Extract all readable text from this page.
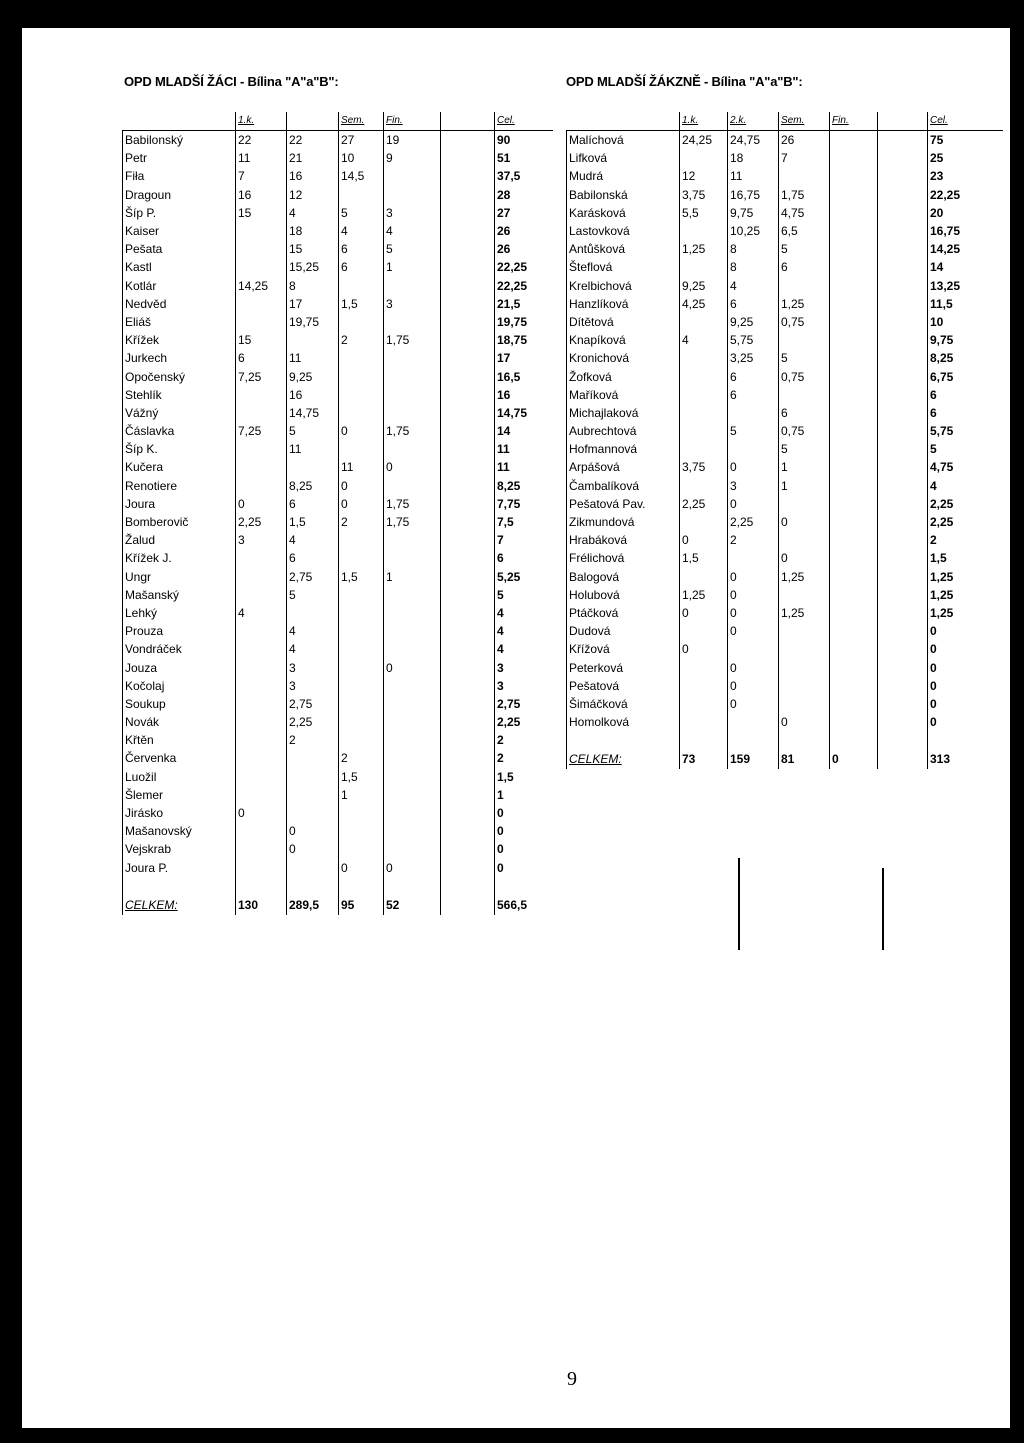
OPD MLADŠÍ ŽÁCI - Bílina "A"a"B":	OPD MLADŠÍ ŽÁKZNĚ - Bílina "A"a"B":
	1.k.		Sem.	Fin.		Cel.
Babilonský	22	22	27	19		90
Petr	11	21	10	9		51
Fiła	7	16	14,5			37,5
Dragoun	16	12				28
Šíp P.	15	4	5	3		27
Kaiser		18	4	4		26
Pešata		15	6	5		26
Kastl		15,25	6	1		22,25
Kotlár	14,25	8				22,25
Nedvěd		17	1,5	3		21,5
Eliáš		19,75				19,75
Křížek	15		2	1,75		18,75
Jurkech	6	11				17
Opočenský	7,25	9,25				16,5
Stehlík		16				16
Vážný		14,75				14,75
Čáslavka	7,25	5	0	1,75		14
Šíp K.		11				11
Kučera			11	0		11
Renotiere		8,25	0			8,25
Joura	0	6	0	1,75		7,75
Bomberovič	2,25	1,5	2	1,75		7,5
Žalud	3	4				7
Křížek J.		6				6
Ungr		2,75	1,5	1		5,25
Mašanský		5				5
Lehký	4					4
Prouza		4				4
Vondráček		4				4
Jouza		3		0		3
Kočolaj		3				3
Soukup		2,75				2,75
Novák		2,25				2,25
Křtěn		2				2
Červenka			2			2
Luožil			1,5			1,5
Šlemer			1			1
Jirásko	0					0
Mašanovský		0				0
Vejskrab		0				0
Joura P.			0	0		0

CELKEM:	130	289,5	95	52		566,5
	1.k.	2.k.	Sem.	Fin.		Cel.
Malíchová	24,25	24,75	26			75
Lifková		18	7			25
Mudrá	12	11				23
Babilonská	3,75	16,75	1,75			22,25
Karásková	5,5	9,75	4,75			20
Lastovková		10,25	6,5			16,75
Antůšková	1,25	8	5			14,25
Šteflová		8	6			14
Krelbichová	9,25	4				13,25
Hanzlíková	4,25	6	1,25			11,5
Dítětová		9,25	0,75			10
Knapíková	4	5,75				9,75
Kronichová		3,25	5			8,25
Žofková		6	0,75			6,75
Maříková		6				6
Michajlaková			6			6
Aubrechtová		5	0,75			5,75
Hofmannová			5			5
Arpášová	3,75	0	1			4,75
Čambalíková		3	1			4
Pešatová Pav.	2,25	0				2,25
Zikmundová		2,25	0			2,25
Hrabáková	0	2				2
Frélichová	1,5		0			1,5
Balogová		0	1,25			1,25
Holubová	1,25	0				1,25
Ptáčková	0	0	1,25			1,25
Dudová		0				0
Křížová	0					0
Peterková		0				0
Pešatová		0				0
Šimáčková		0				0
Homolková			0			0

CELKEM:	73	159	81	0		313
9
